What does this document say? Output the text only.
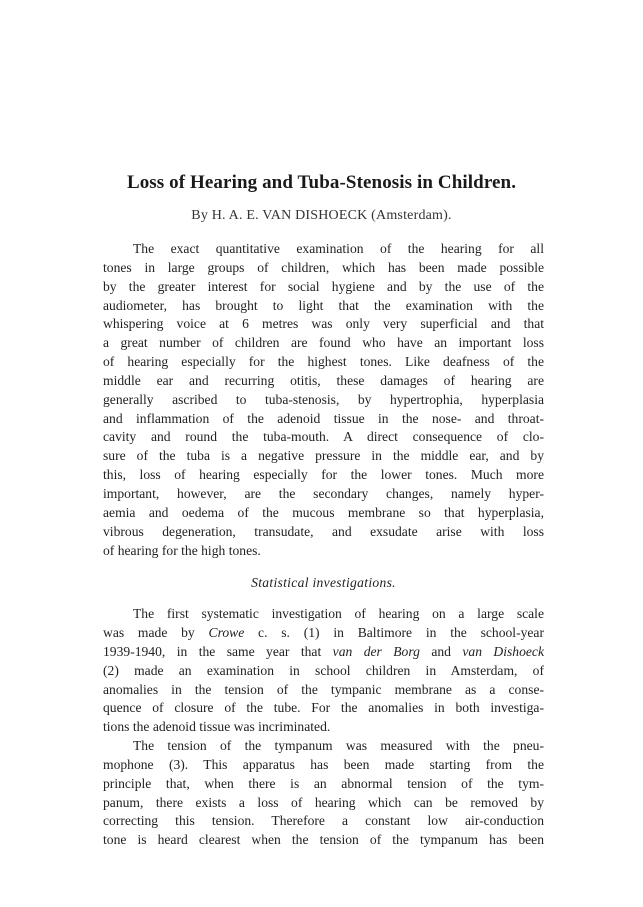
Loss of Hearing and Tuba-Stenosis in Children.
By H. A. E. VAN DISHOECK (Amsterdam).
The exact quantitative examination of the hearing for all
tones in large groups of children, which has been made possible
by the greater interest for social hygiene and by the use of the
audiometer, has brought to light that the examination with the
whispering voice at 6 metres was only very superficial and that
a great number of children are found who have an important loss
of hearing especially for the highest tones. Like deafness of the
middle ear and recurring otitis, these damages of hearing are
generally ascribed to tuba-stenosis, by hypertrophia, hyperplasia
and inflammation of the adenoid tissue in the nose- and throat-
cavity and round the tuba-mouth. A direct consequence of clo-
sure of the tuba is a negative pressure in the middle ear, and by
this, loss of hearing especially for the lower tones. Much more
important, however, are the secondary changes, namely hyper-
aemia and oedema of the mucous membrane so that hyperplasia,
vibrous degeneration, transudate, and exsudate arise with loss
of hearing for the high tones.
Statistical investigations.
The first systematic investigation of hearing on a large scale
was made by Crowe c. s. (1) in Baltimore in the school-year
1939-1940, in the same year that van der Borg and van Dishoeck
(2) made an examination in school children in Amsterdam, of
anomalies in the tension of the tympanic membrane as a conse-
quence of closure of the tube. For the anomalies in both investiga-
tions the adenoid tissue was incriminated.
The tension of the tympanum was measured with the pneu-
mophone (3). This apparatus has been made starting from the
principle that, when there is an abnormal tension of the tym-
panum, there exists a loss of hearing which can be removed by
correcting this tension. Therefore a constant low air-conduction
tone is heard clearest when the tension of the tympanum has been
